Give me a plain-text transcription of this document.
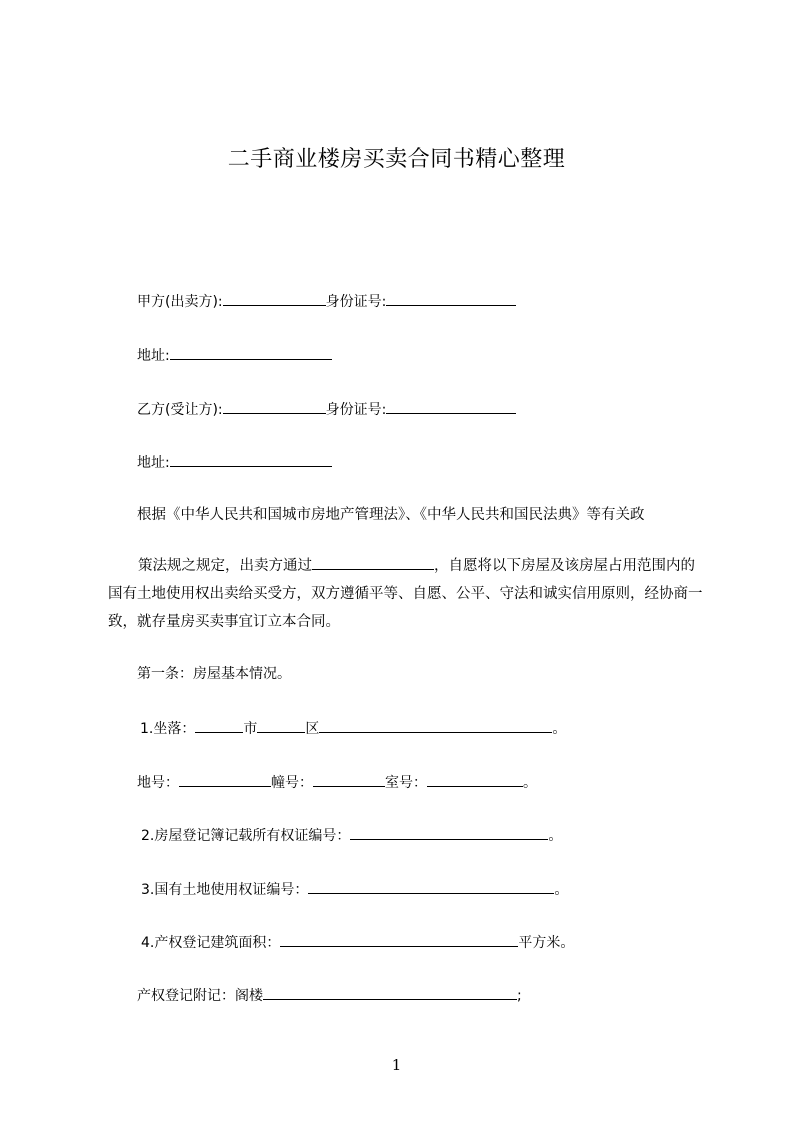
二手商业楼房买卖合同书精心整理
甲方(出卖方):	身份证号:
地址:
乙方(受让方):	身份证号:
地址:
根据《中华人民共和国城市房地产管理法》、《中华人民共和国民法典》等有关政
策法规之规定，出卖方通过	，自愿将以下房屋及该房屋占用范围内的国有土地使用权出卖给买受方，双方遵循平等、自愿、公平、守法和诚实信用原则，经协商一致，就存量房买卖事宜订立本合同。
第一条：房屋基本情况。
1.坐落：	市	区	。
地号：	幢号：	室号：	。
2.房屋登记簿记载所有权证编号：	。
3.国有土地使用权证编号：	。
4.产权登记建筑面积：	平方米。
产权登记附记：阁楼	;
1
